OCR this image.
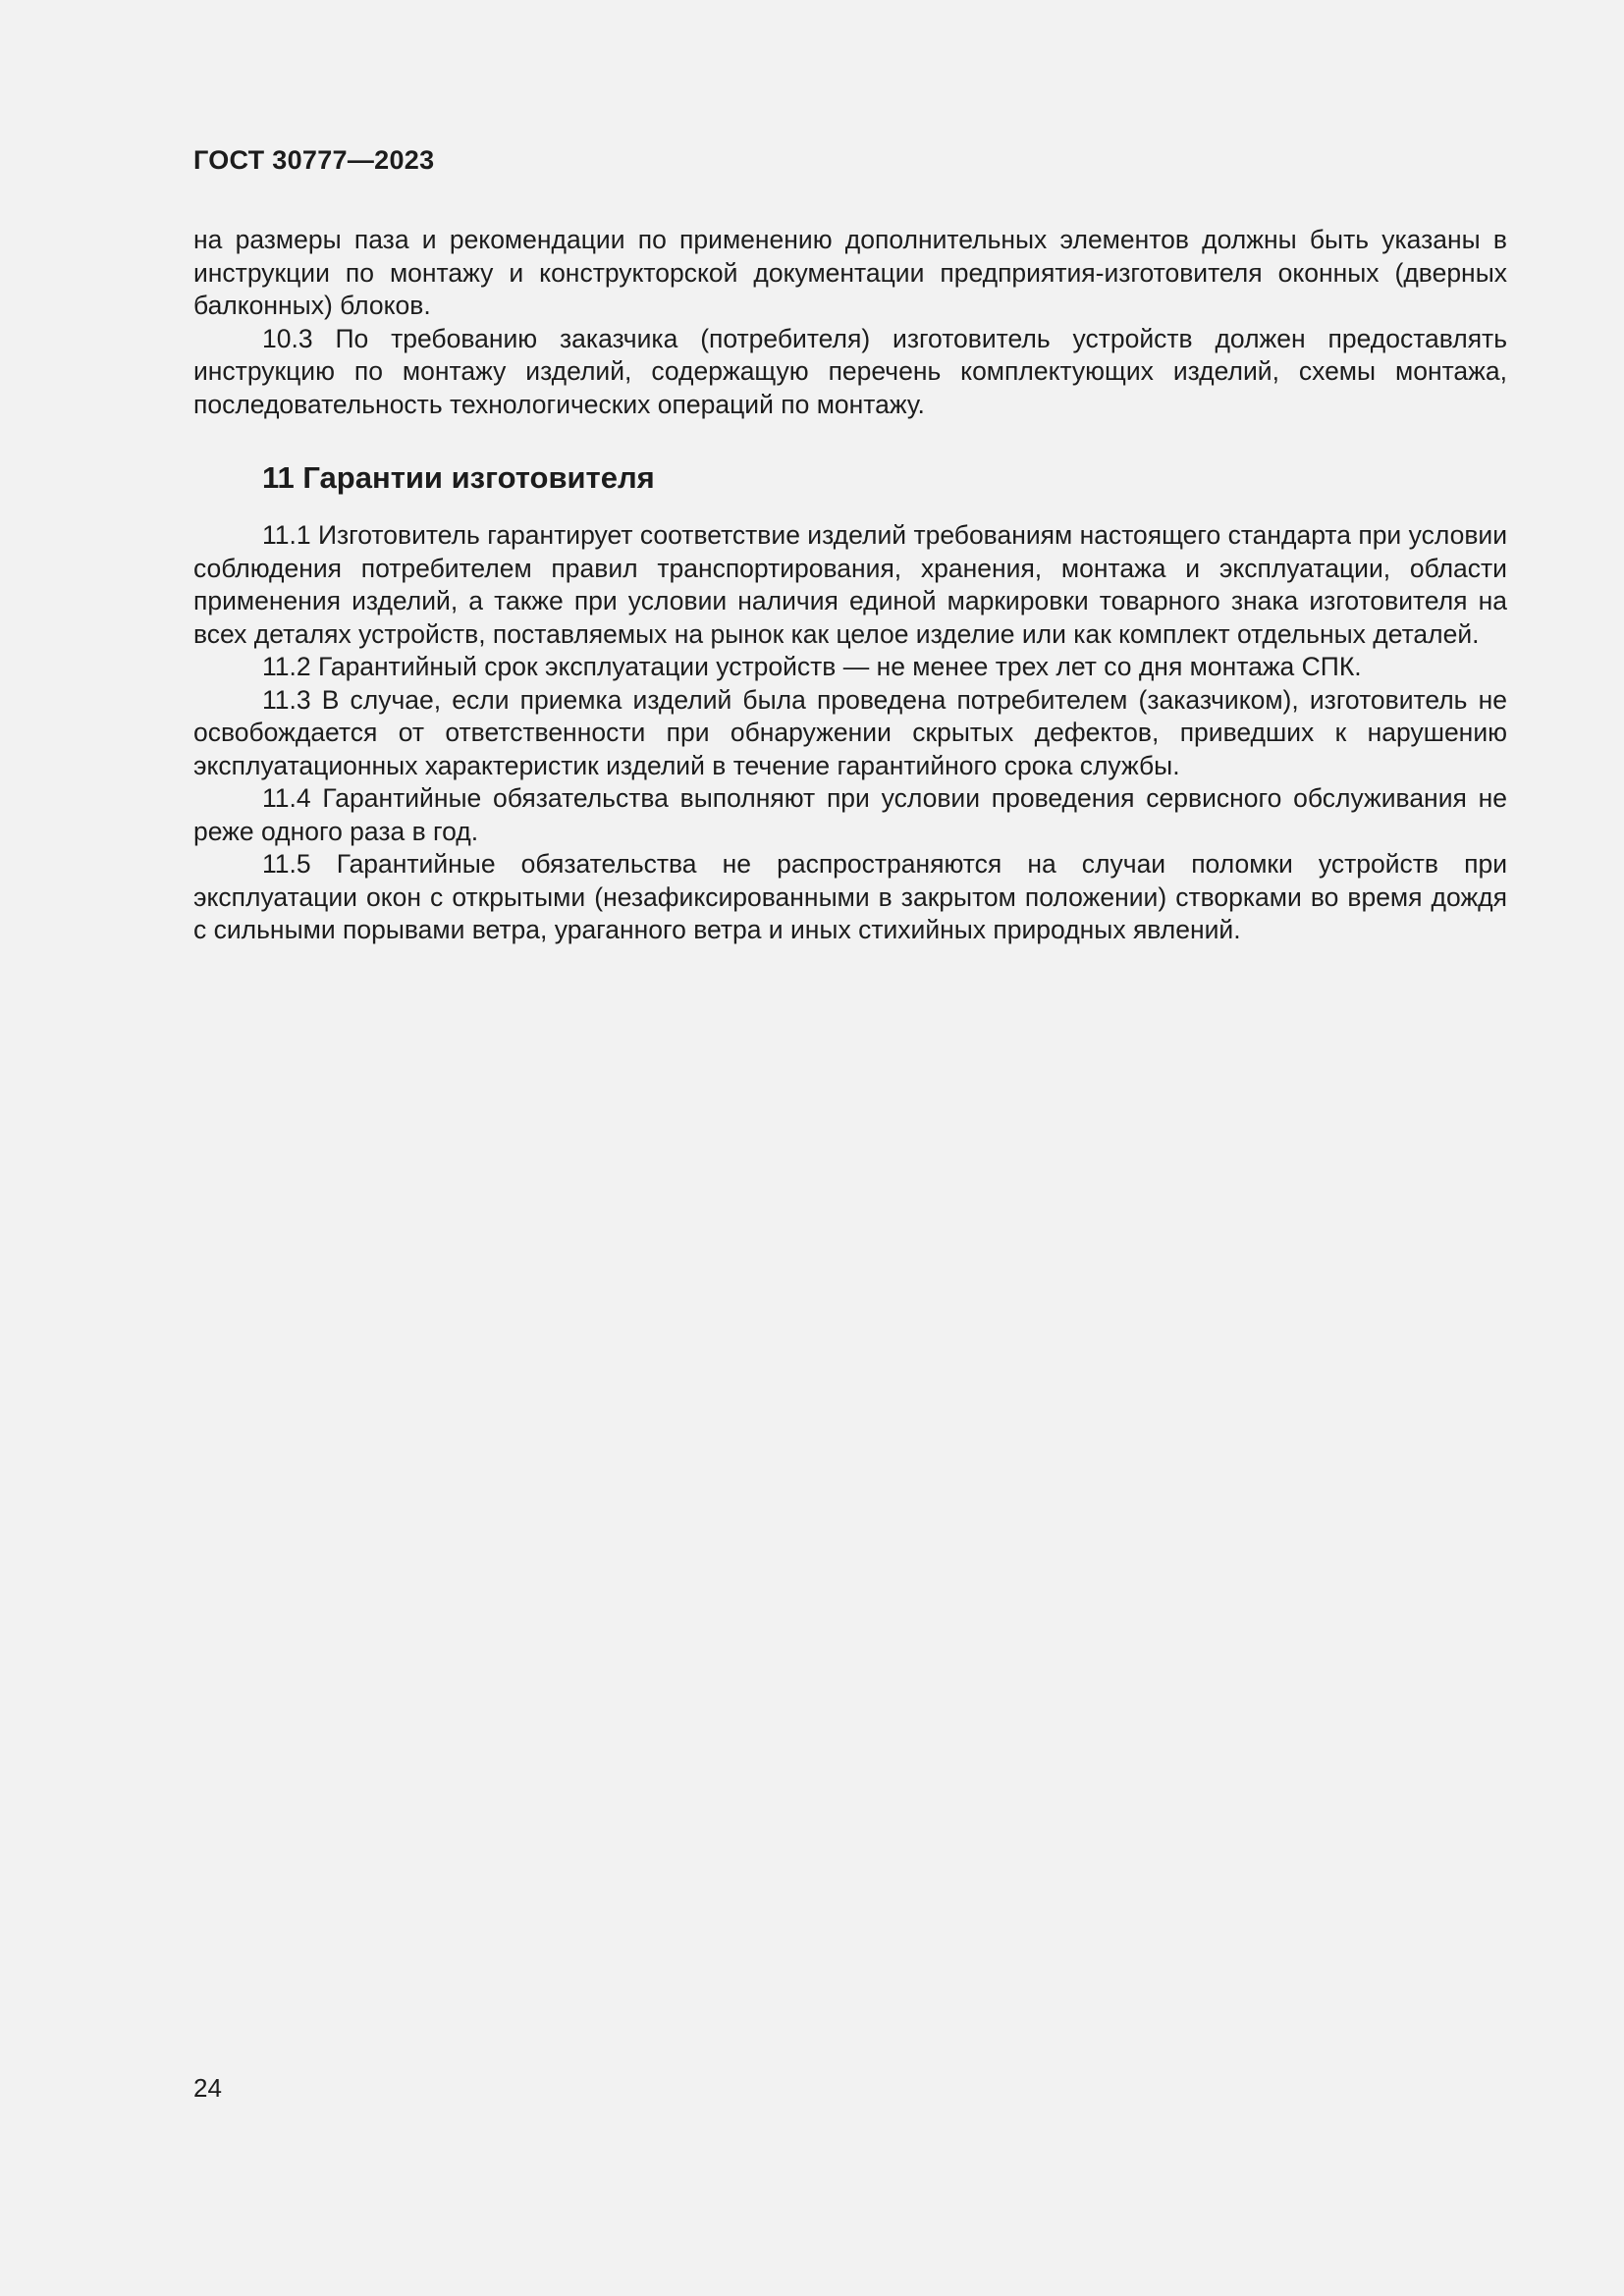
ГОСТ 30777—2023

на размеры паза и рекомендации по применению дополнительных элементов должны быть указаны в инструкции по монтажу и конструкторской документации предприятия-изготовителя оконных (дверных балконных) блоков.

10.3 По требованию заказчика (потребителя) изготовитель устройств должен предоставлять инструкцию по монтажу изделий, содержащую перечень комплектующих изделий, схемы монтажа, последовательность технологических операций по монтажу.

11 Гарантии изготовителя

11.1 Изготовитель гарантирует соответствие изделий требованиям настоящего стандарта при условии соблюдения потребителем правил транспортирования, хранения, монтажа и эксплуатации, области применения изделий, а также при условии наличия единой маркировки товарного знака изготовителя на всех деталях устройств, поставляемых на рынок как целое изделие или как комплект отдельных деталей.

11.2 Гарантийный срок эксплуатации устройств — не менее трех лет со дня монтажа СПК.

11.3 В случае, если приемка изделий была проведена потребителем (заказчиком), изготовитель не освобождается от ответственности при обнаружении скрытых дефектов, приведших к нарушению эксплуатационных характеристик изделий в течение гарантийного срока службы.

11.4 Гарантийные обязательства выполняют при условии проведения сервисного обслуживания не реже одного раза в год.

11.5 Гарантийные обязательства не распространяются на случаи поломки устройств при эксплуатации окон с открытыми (незафиксированными в закрытом положении) створками во время дождя с сильными порывами ветра, ураганного ветра и иных стихийных природных явлений.

24
